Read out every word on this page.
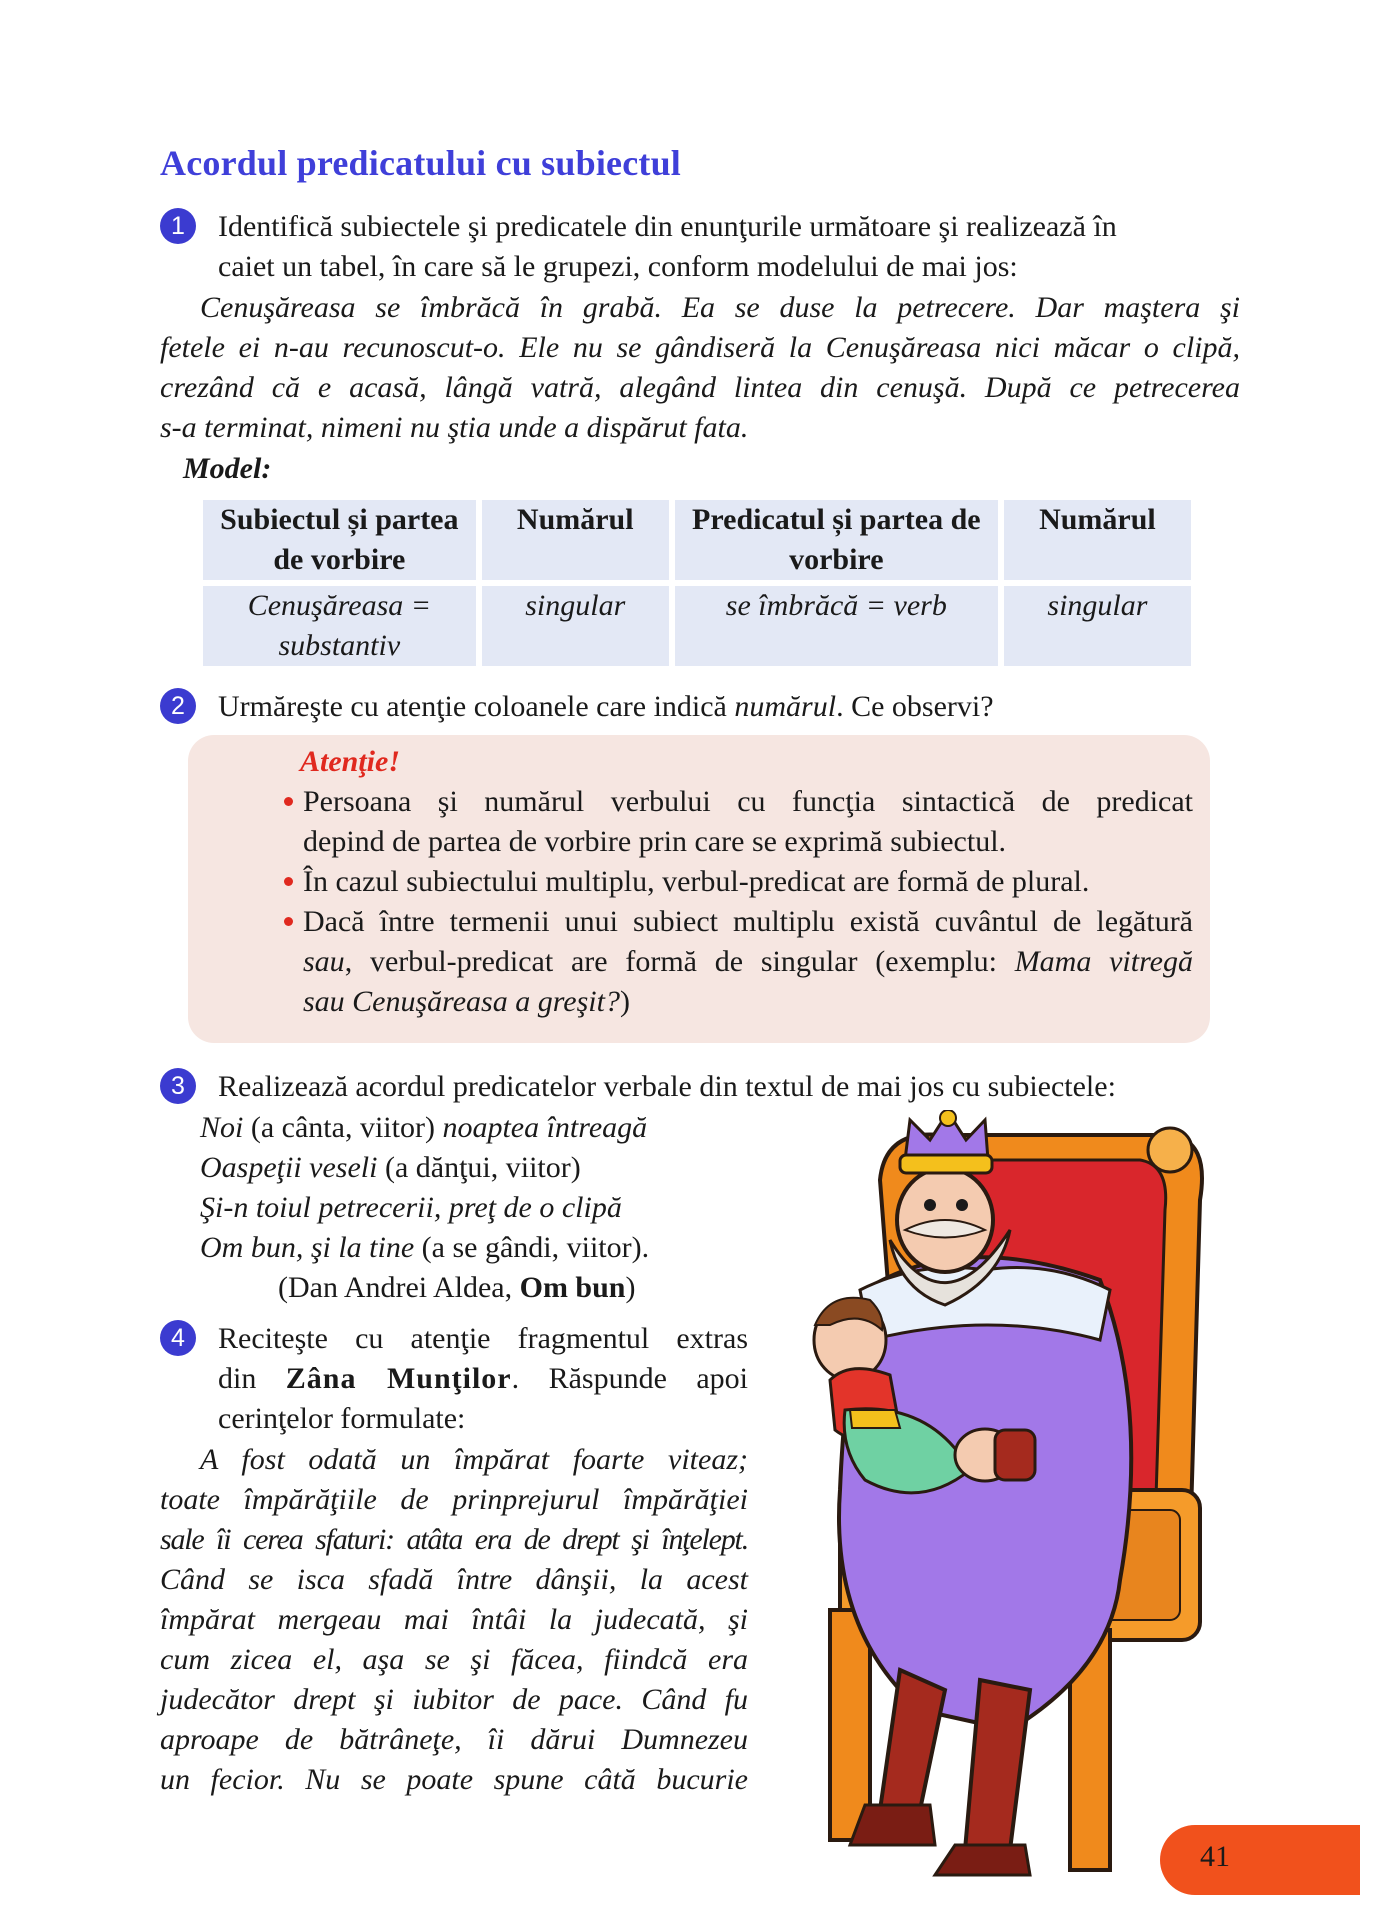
Acordul predicatului cu subiectul
1	Identifică subiectele şi predicatele din enunţurile următoare şi realizează în
caiet un tabel, în care să le grupezi, conform modelului de mai jos:
Cenuşăreasa se îmbrăcă în grabă. Ea se duse la petrecere. Dar maştera şi
fetele ei n-au recunoscut-o. Ele nu se gândiseră la Cenuşăreasa nici măcar o clipă,
crezând că e acasă, lângă vatră, alegând lintea din cenuşă. După ce petrecerea
s-a terminat, nimeni nu ştia unde a dispărut fata.
Model:
Subiectul și partea de vorbire	Numărul	Predicatul și partea de vorbire	Numărul
Cenuşăreasa = substantiv	singular	se îmbrăcă = verb	singular
2	Urmăreşte cu atenţie coloanele care indică numărul. Ce observi?
Atenţie!
Persoana şi numărul verbului cu funcţia sintactică de predicat
depind de partea de vorbire prin care se exprimă subiectul.
În cazul subiectului multiplu, verbul-predicat are formă de plural.
Dacă între termenii unui subiect multiplu există cuvântul de legătură
sau, verbul-predicat are formă de singular (exemplu: Mama vitregă
sau Cenuşăreasa a greşit?)
3	Realizează acordul predicatelor verbale din textul de mai jos cu subiectele:
Noi (a cânta, viitor) noaptea întreagă
Oaspeţii veseli (a dănţui, viitor)
Şi-n toiul petrecerii, preţ de o clipă
Om bun, şi la tine (a se gândi, viitor).
(Dan Andrei Aldea, Om bun)
4	Reciteşte cu atenţie fragmentul extras
din Zâna Munţilor. Răspunde apoi
cerinţelor formulate:
A fost odată un împărat foarte viteaz;
toate împărăţiile de prinprejurul împărăţiei
sale îi cerea sfaturi: atâta era de drept şi înţelept.
Când se isca sfadă între dânşii, la acest
împărat mergeau mai întâi la judecată, şi
cum zicea el, aşa se şi făcea, fiindcă era
judecător drept şi iubitor de pace. Când fu
aproape de bătrâneţe, îi dărui Dumnezeu
un fecior. Nu se poate spune câtă bucurie
41
